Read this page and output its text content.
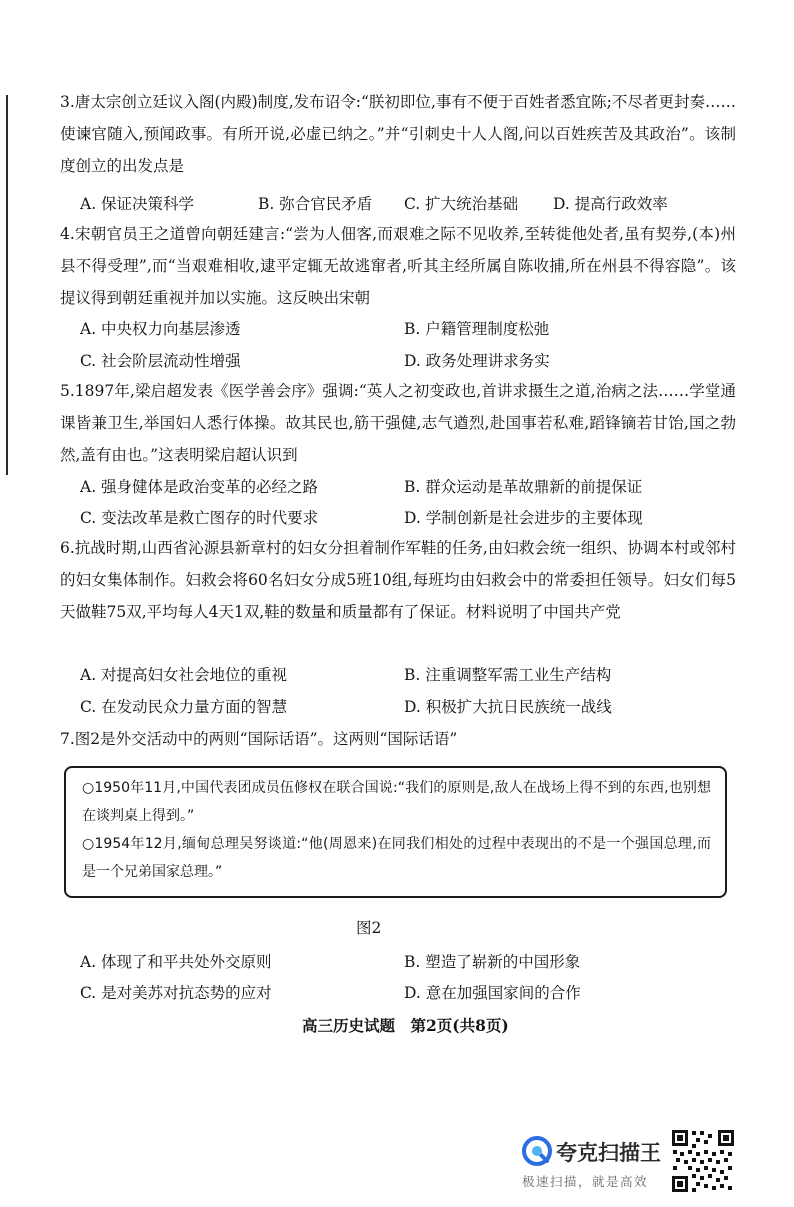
3.唐太宗创立廷议入阁(内殿)制度,发布诏令:“朕初即位,事有不便于百姓者悉宜陈;不尽者更封奏……使谏官随入,预闻政事。有所开说,必虚已纳之。”并“引刺史十人人阁,问以百姓疾苦及其政治”。该制度创立的出发点是
A. 保证决策科学	B. 弥合官民矛盾 C. 扩大统治基础 D. 提高行政效率
4.宋朝官员王之道曾向朝廷建言:“尝为人佃客,而艰难之际不见收养,至转徙他处者,虽有契券,(本)州县不得受理”,而“当艰难相收,逮平定辄无故逃窜者,听其主经所属自陈收捕,所在州县不得容隐”。该提议得到朝廷重视并加以实施。这反映出宋朝
A. 中央权力向基层渗透	B. 户籍管理制度松弛
C. 社会阶层流动性增强	D. 政务处理讲求务实
5.1897年,梁启超发表《医学善会序》强调:“英人之初变政也,首讲求摄生之道,治病之法……学堂通课皆兼卫生,举国妇人悉行体操。故其民也,筋干强健,志气遒烈,赴国事若私难,蹈锋镝若甘饴,国之勃然,盖有由也。”这表明梁启超认识到
A. 强身健体是政治变革的必经之路	B. 群众运动是革故鼎新的前提保证
C. 变法改革是救亡图存的时代要求	D. 学制创新是社会进步的主要体现
6.抗战时期,山西省沁源县新章村的妇女分担着制作军鞋的任务,由妇救会统一组织、协调本村或邻村的妇女集体制作。妇救会将60名妇女分成5班10组,每班均由妇救会中的常委担任领导。妇女们每5天做鞋75双,平均每人4天1双,鞋的数量和质量都有了保证。材料说明了中国共产党
A. 对提高妇女社会地位的重视	B. 注重调整军需工业生产结构
C. 在发动民众力量方面的智慧	D. 积极扩大抗日民族统一战线
7.图2是外交活动中的两则“国际话语”。这两则“国际话语”

○1950年11月,中国代表团成员伍修权在联合国说:“我们的原则是,敌人在战场上得不到的东西,也别想在谈判桌上得到。”

○1954年12月,缅甸总理吴努谈道:“他(周恩来)在同我们相处的过程中表现出的不是一个强国总理,而是一个兄弟国家总理。”

图2
A. 体现了和平共处外交原则	B. 塑造了崭新的中国形象
C. 是对美苏对抗态势的应对	D. 意在加强国家间的合作
高三历史试题　第2页(共8页)
夸克扫描王
极速扫描，就是高效
